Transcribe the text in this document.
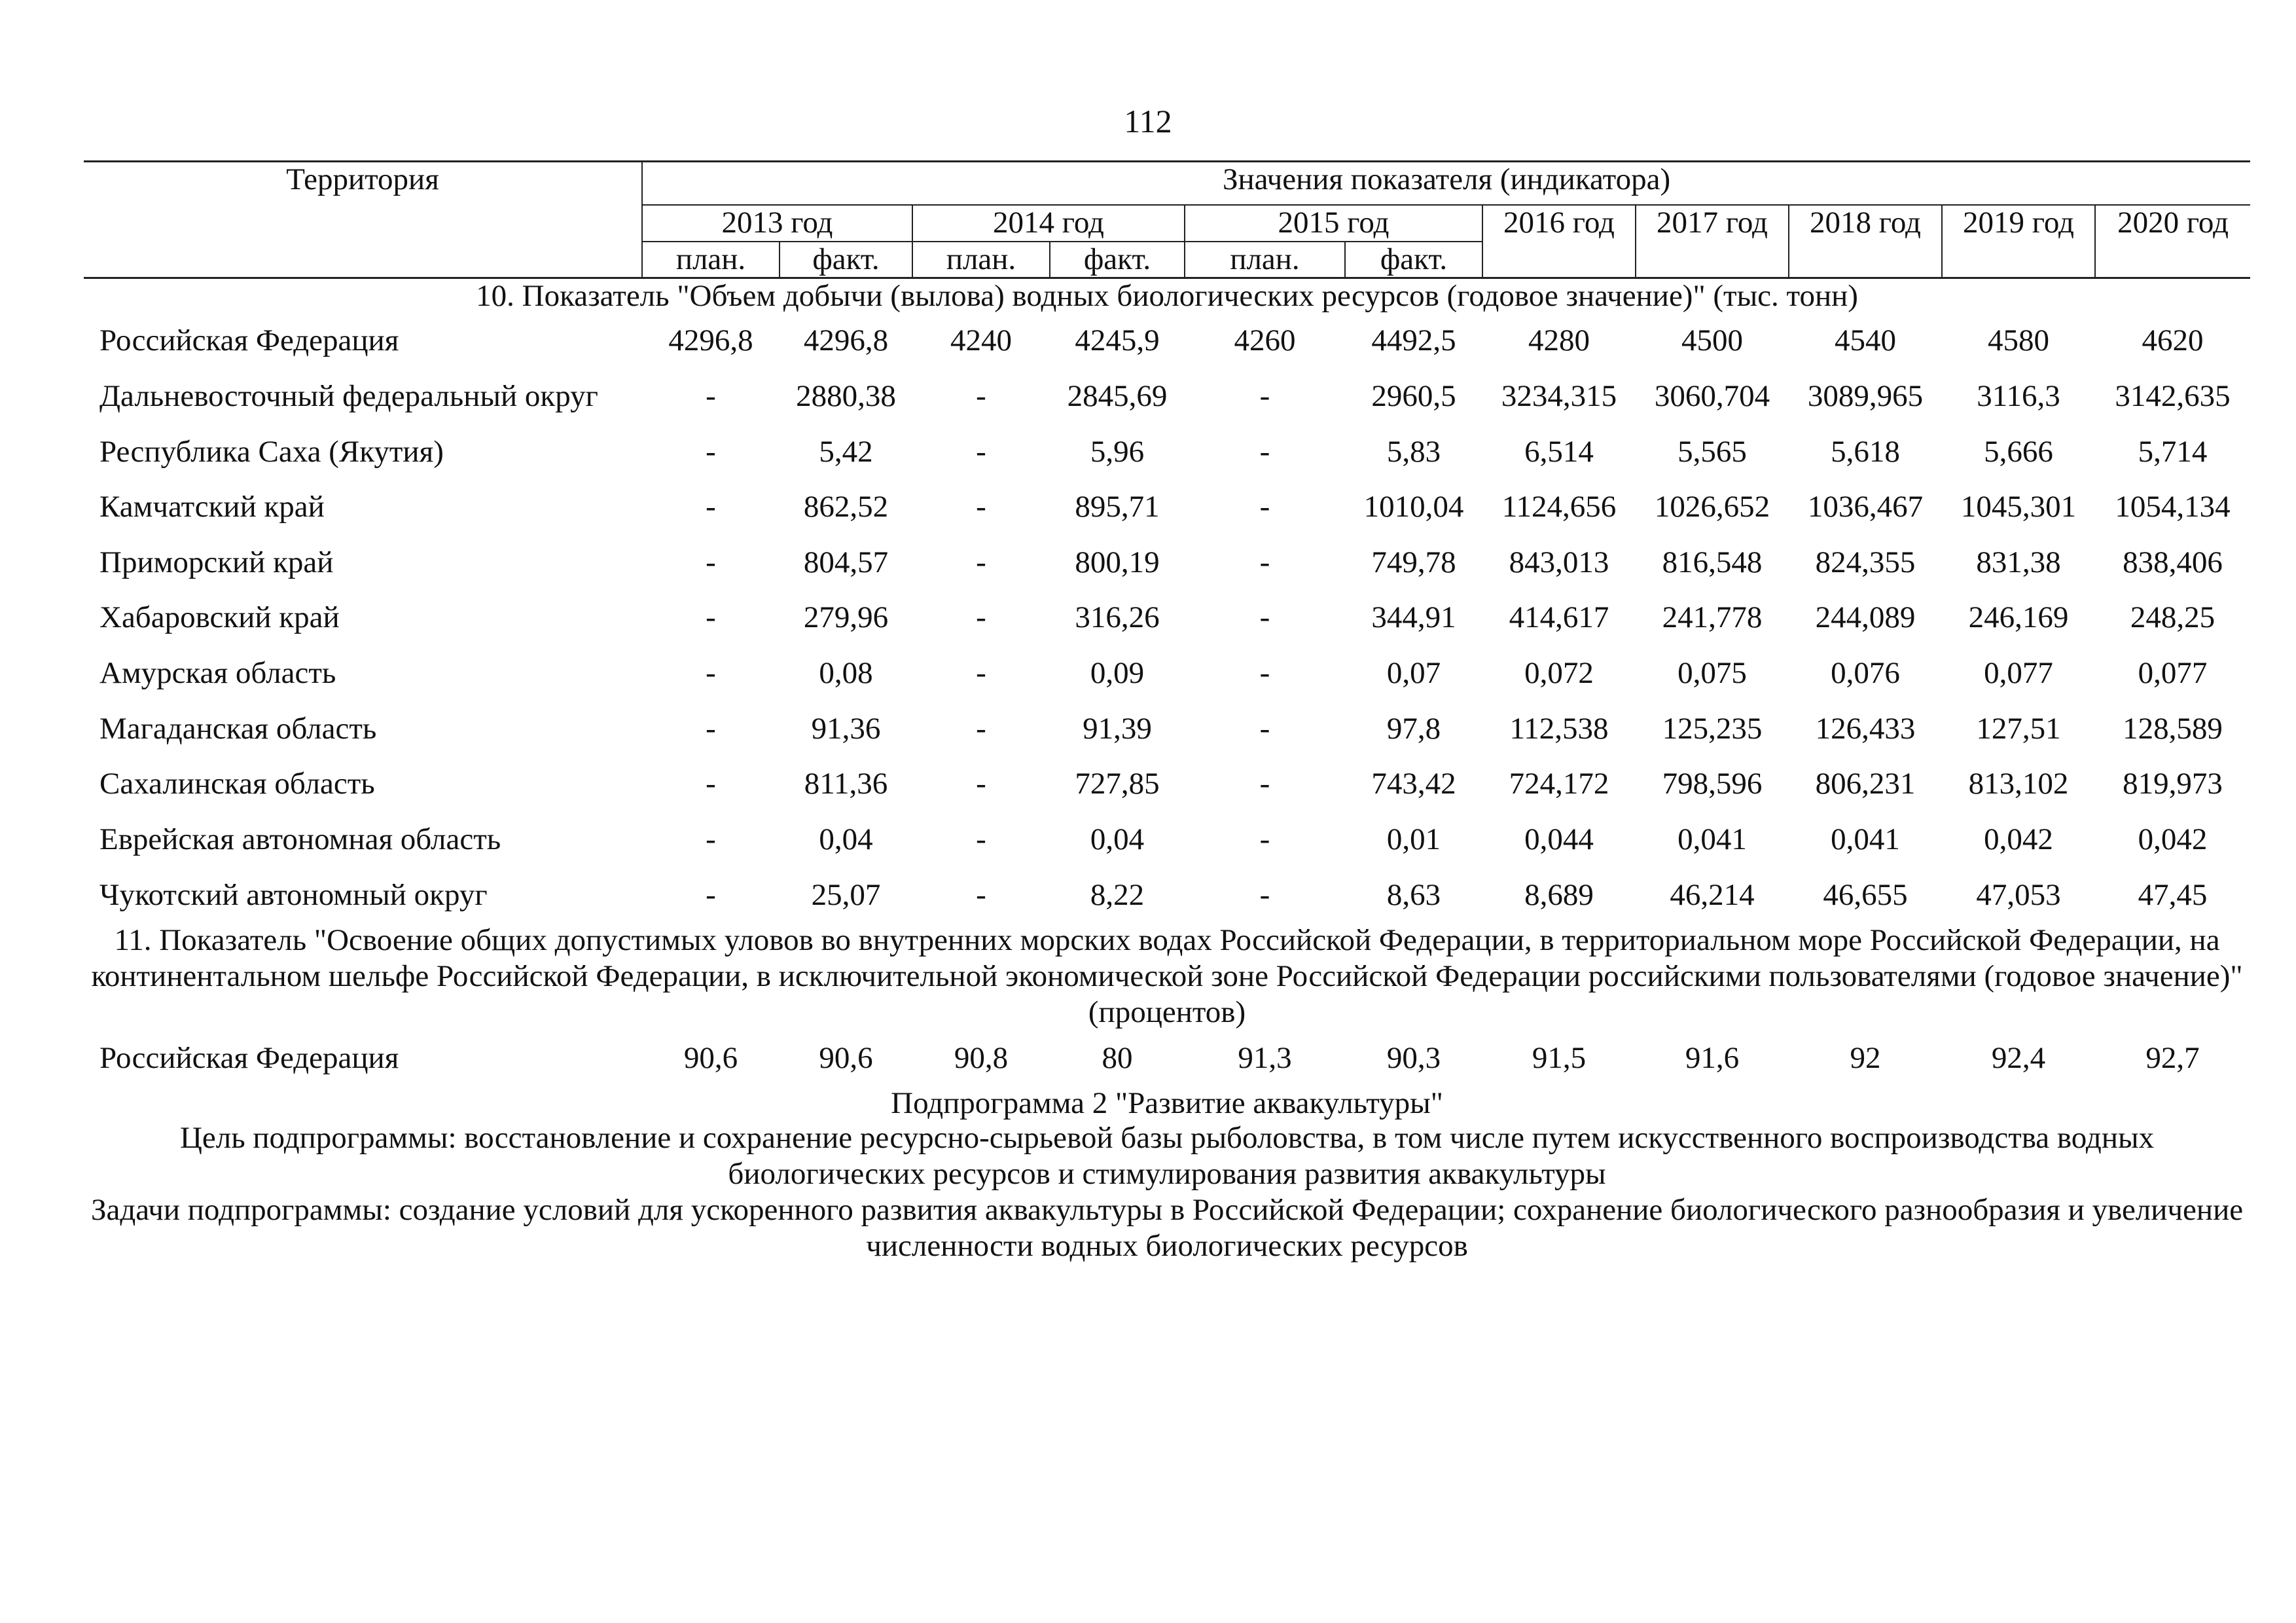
112
Территория	Значения показателя (индикатора)										
	2013 год		2014 год		2015 год		2016 год	2017 год	2018 год	2019 год	2020 год
	план.	факт.	план.	факт.	план.	факт.					
10. Показатель "Объем добычи (вылова) водных биологических ресурсов (годовое значение)" (тыс. тонн)											
Российская Федерация	4296,8	4296,8	4240	4245,9	4260	4492,5	4280	4500	4540	4580	4620
Дальневосточный федеральный округ	-	2880,38	-	2845,69	-	2960,5	3234,315	3060,704	3089,965	3116,3	3142,635
Республика Саха (Якутия)	-	5,42	-	5,96	-	5,83	6,514	5,565	5,618	5,666	5,714
Камчатский край	-	862,52	-	895,71	-	1010,04	1124,656	1026,652	1036,467	1045,301	1054,134
Приморский край	-	804,57	-	800,19	-	749,78	843,013	816,548	824,355	831,38	838,406
Хабаровский край	-	279,96	-	316,26	-	344,91	414,617	241,778	244,089	246,169	248,25
Амурская область	-	0,08	-	0,09	-	0,07	0,072	0,075	0,076	0,077	0,077
Магаданская область	-	91,36	-	91,39	-	97,8	112,538	125,235	126,433	127,51	128,589
Сахалинская область	-	811,36	-	727,85	-	743,42	724,172	798,596	806,231	813,102	819,973
Еврейская автономная область	-	0,04	-	0,04	-	0,01	0,044	0,041	0,041	0,042	0,042
Чукотский автономный округ	-	25,07	-	8,22	-	8,63	8,689	46,214	46,655	47,053	47,45
11. Показатель "Освоение общих допустимых уловов во внутренних морских водах Российской Федерации, в территориальном море Российской Федерации, на континентальном шельфе Российской Федерации, в исключительной экономической зоне Российской Федерации российскими пользователями (годовое значение)" (процентов)											
Российская Федерация	90,6	90,6	90,8	80	91,3	90,3	91,5	91,6	92	92,4	92,7
Подпрограмма 2 "Развитие аквакультуры"											
Цель подпрограммы: восстановление и сохранение ресурсно-сырьевой базы рыболовства, в том числе путем искусственного воспроизводства водных биологических ресурсов и стимулирования развития аквакультуры											
Задачи подпрограммы: создание условий для ускоренного развития аквакультуры в Российской Федерации; сохранение биологического разнообразия и увеличение численности водных биологических ресурсов											
